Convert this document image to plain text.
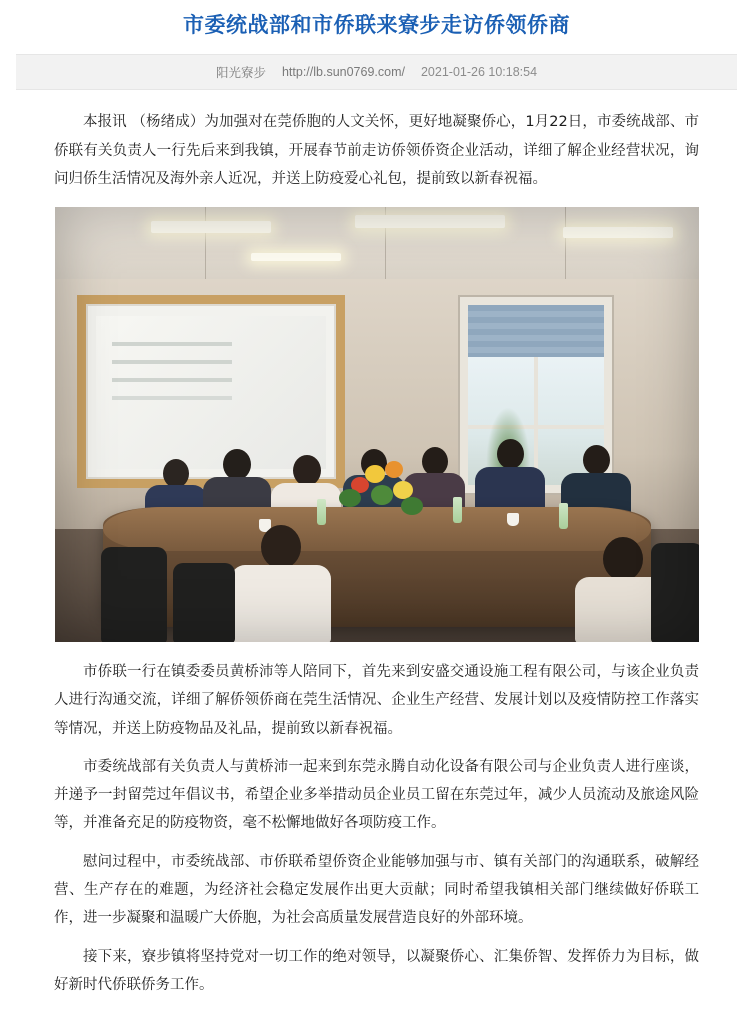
市委统战部和市侨联来寮步走访侨领侨商
阳光寮步 http://lb.sun0769.com/ 2021-01-26 10:18:54

本报讯 （杨绪成）为加强对在莞侨胞的人文关怀，更好地凝聚侨心，1月22日，市委统战部、市侨联有关负责人一行先后来到我镇，开展春节前走访侨领侨资企业活动，详细了解企业经营状况，询问归侨生活情况及海外亲人近况，并送上防疫爱心礼包，提前致以新春祝福。

市侨联一行在镇委委员黄桥沛等人陪同下，首先来到安盛交通设施工程有限公司，与该企业负责人进行沟通交流，详细了解侨领侨商在莞生活情况、企业生产经营、发展计划以及疫情防控工作落实等情况，并送上防疫物品及礼品，提前致以新春祝福。

市委统战部有关负责人与黄桥沛一起来到东莞永腾自动化设备有限公司与企业负责人进行座谈，并递予一封留莞过年倡议书，希望企业多举措动员企业员工留在东莞过年，减少人员流动及旅途风险等，并准备充足的防疫物资，毫不松懈地做好各项防疫工作。

慰问过程中，市委统战部、市侨联希望侨资企业能够加强与市、镇有关部门的沟通联系，破解经营、生产存在的难题，为经济社会稳定发展作出更大贡献；同时希望我镇相关部门继续做好侨联工作，进一步凝聚和温暖广大侨胞，为社会高质量发展营造良好的外部环境。

接下来，寮步镇将坚持党对一切工作的绝对领导，以凝聚侨心、汇集侨智、发挥侨力为目标，做好新时代侨联侨务工作。
